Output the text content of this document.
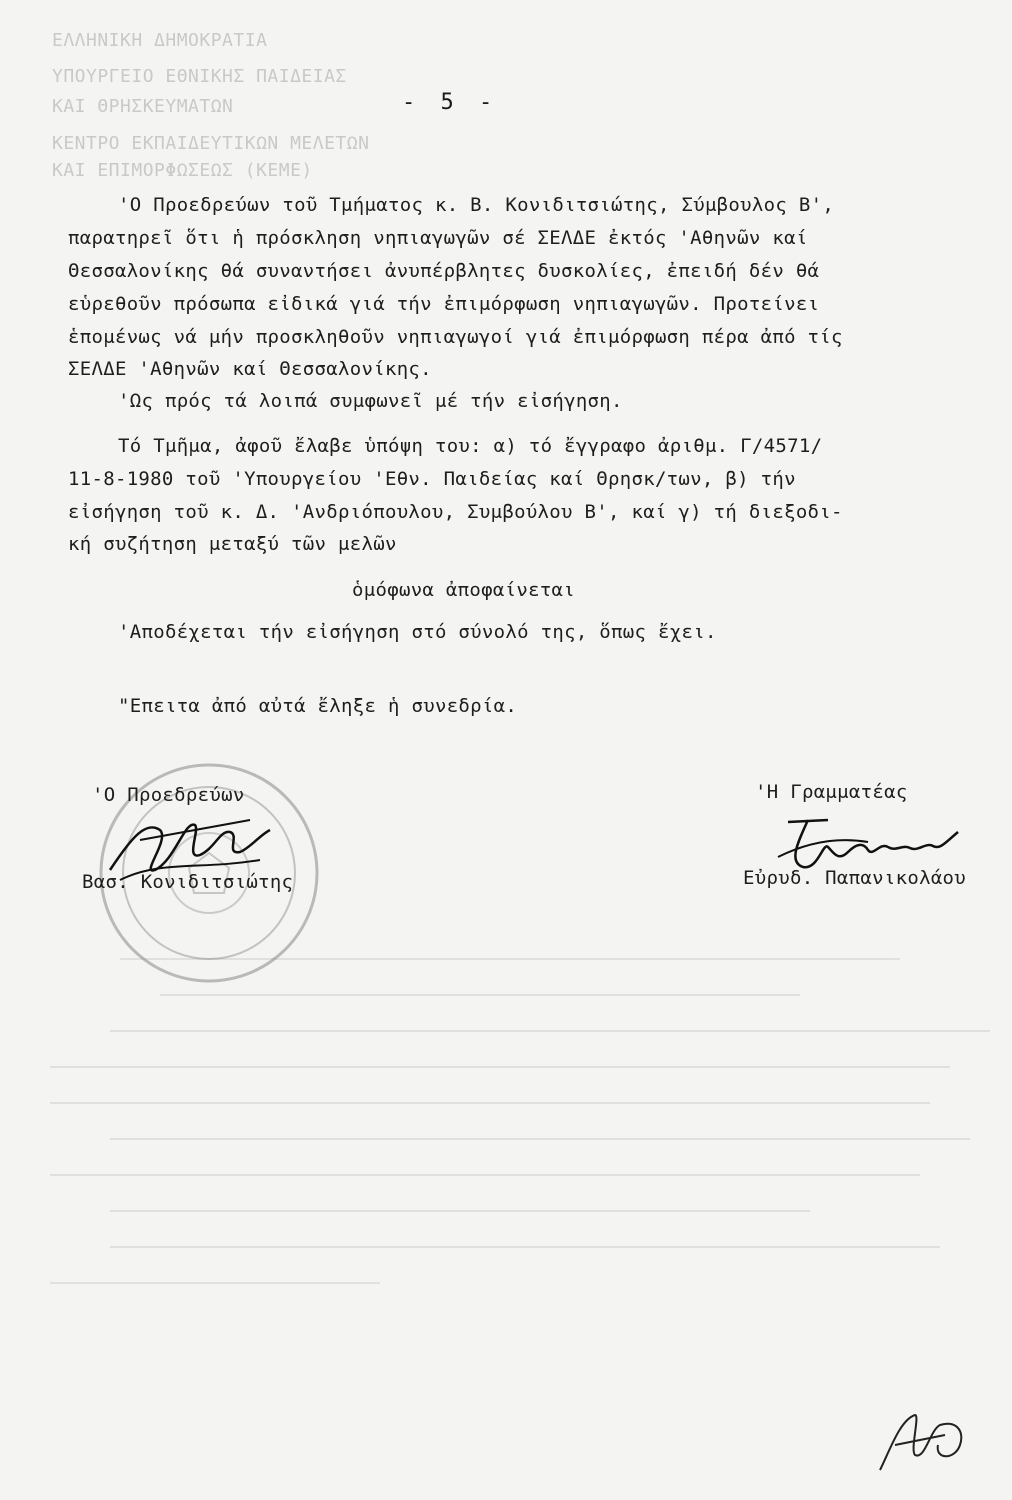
ΕΛΛΗΝΙΚΗ ΔΗΜΟΚΡΑΤΙΑ
ΥΠΟΥΡΓΕΙΟ ΕΘΝΙΚΗΣ ΠΑΙΔΕΙΑΣ
ΚΑΙ ΘΡΗΣΚΕΥΜΑΤΩΝ
ΚΕΝΤΡΟ ΕΚΠΑΙΔΕΥΤΙΚΩΝ ΜΕΛΕΤΩΝ
ΚΑΙ ΕΠΙΜΟΡΦΩΣΕΩΣ (ΚΕΜΕ)
- 5 -
'Ο Προεδρεύων τοῦ Τμήματος κ. Β. Κονιδιτσιώτης, Σύμβουλος Β',
παρατηρεῖ ὅτι ἡ πρόσκληση νηπιαγωγῶν σέ ΣΕΛΔΕ ἐκτός 'Αθηνῶν καί
Θεσσαλονίκης θά συναντήσει ἀνυπέρβλητες δυσκολίες, ἐπειδή δέν θά
εὑρεθοῦν πρόσωπα εἰδικά γιά τήν ἐπιμόρφωση νηπιαγωγῶν. Προτείνει
ἑπομένως νά μήν προσκληθοῦν νηπιαγωγοί γιά ἐπιμόρφωση πέρα ἀπό τίς
ΣΕΛΔΕ 'Αθηνῶν καί Θεσσαλονίκης.
'Ως πρός τά λοιπά συμφωνεῖ μέ τήν εἰσήγηση.
Τό Τμῆμα, ἀφοῦ ἔλαβε ὑπόψη του: α) τό ἔγγραφο ἀριθμ. Γ/4571/
11-8-1980 τοῦ 'Υπουργείου 'Εθν. Παιδείας καί Θρησκ/των, β) τήν
εἰσήγηση τοῦ κ. Δ. 'Ανδριόπουλου, Συμβούλου Β', καί γ) τή διεξοδι-
κή συζήτηση μεταξύ τῶν μελῶν
ὁμόφωνα ἀποφαίνεται
'Αποδέχεται τήν εἰσήγηση στό σύνολό της, ὅπως ἔχει.
"Επειτα ἀπό αὐτά ἔληξε ἡ συνεδρία.
'Ο Προεδρεύων	'Η Γραμματέας
Βασ. Κονιδιτσιώτης	Εὐρυδ. Παπανικολάου
